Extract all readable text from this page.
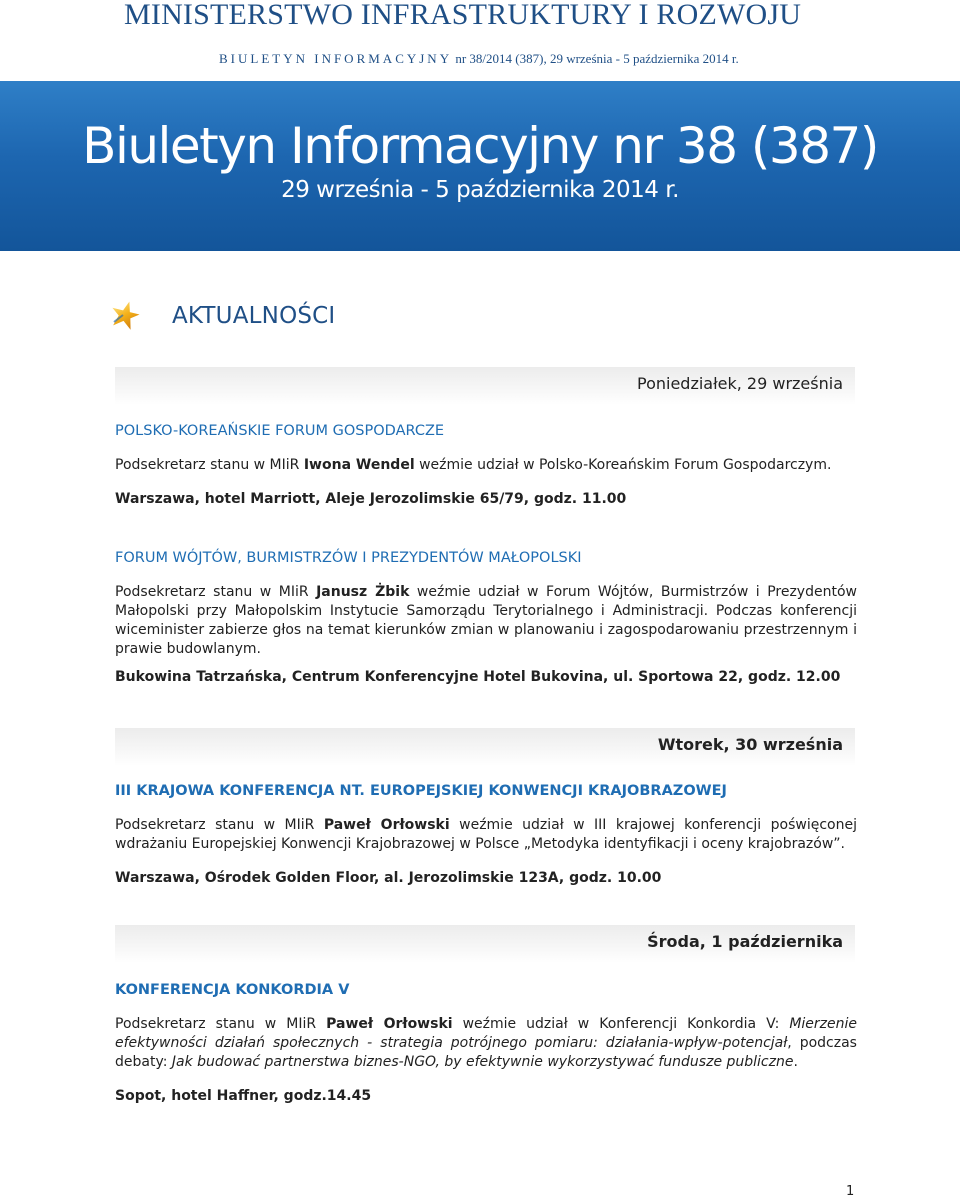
MINISTERSTWO INFRASTRUKTURY I ROZWOJU
BIULETYN INFORMACYJNY nr 38/2014 (387), 29 września - 5 października 2014 r.
Biuletyn Informacyjny nr 38 (387)
29 września - 5 października 2014 r.
AKTUALNOŚCI
Poniedziałek, 29 września

POLSKO-KOREAŃSKIE FORUM GOSPODARCZE

Podsekretarz stanu w MIiR Iwona Wendel weźmie udział w Polsko-Koreańskim Forum Gospodarczym.

Warszawa, hotel Marriott, Aleje Jerozolimskie 65/79, godz. 11.00

FORUM WÓJTÓW, BURMISTRZÓW I PREZYDENTÓW MAŁOPOLSKI

Podsekretarz stanu w MIiR Janusz Żbik weźmie udział w Forum Wójtów, Burmistrzów i Prezydentów Małopolski przy Małopolskim Instytucie Samorządu Terytorialnego i Administracji. Podczas konferencji wiceminister zabierze głos na temat kierunków zmian w planowaniu i zagospodarowaniu przestrzennym i prawie budowlanym.

Bukowina Tatrzańska, Centrum Konferencyjne Hotel Bukovina, ul. Sportowa 22, godz. 12.00

Wtorek, 30 września

III KRAJOWA KONFERENCJA NT. EUROPEJSKIEJ KONWENCJI KRAJOBRAZOWEJ

Podsekretarz stanu w MIiR Paweł Orłowski weźmie udział w III krajowej konferencji poświęconej wdrażaniu Europejskiej Konwencji Krajobrazowej w Polsce „Metodyka identyfikacji i oceny krajobrazów”.

Warszawa, Ośrodek Golden Floor, al. Jerozolimskie 123A, godz. 10.00

Środa, 1 października

KONFERENCJA KONKORDIA V

Podsekretarz stanu w MIiR Paweł Orłowski weźmie udział w Konferencji Konkordia V: Mierzenie efektywności działań społecznych - strategia potrójnego pomiaru: działania-wpływ-potencjał, podczas debaty: Jak budować partnerstwa biznes-NGO, by efektywnie wykorzystywać fundusze publiczne.

Sopot, hotel Haffner, godz.14.45

1
